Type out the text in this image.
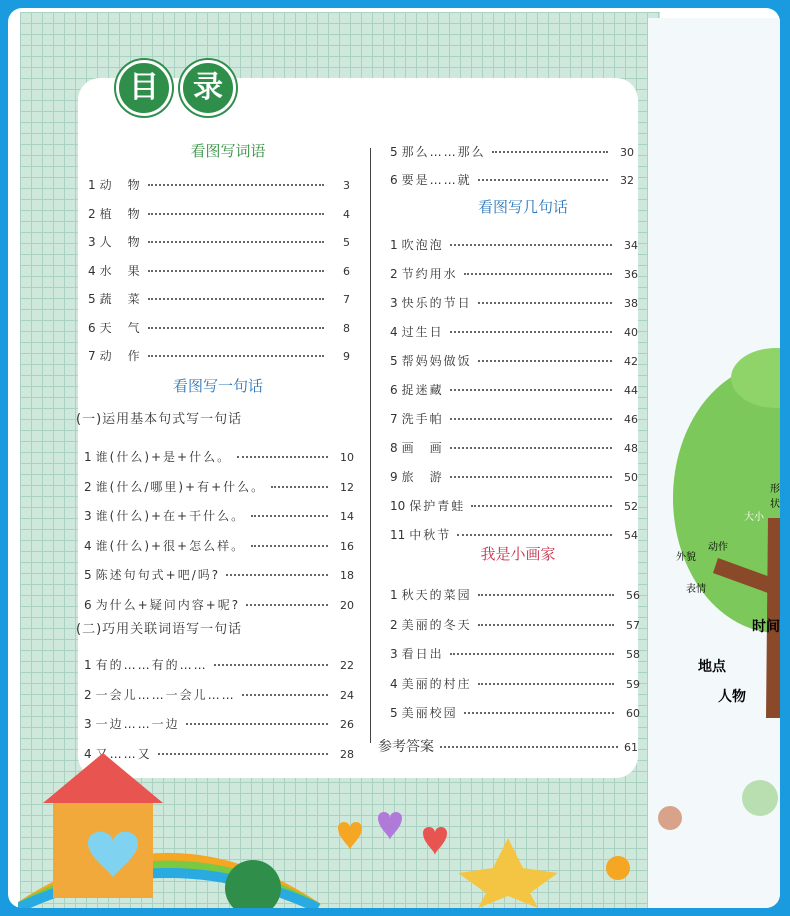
形状
大小
动作
外貌
表情
时间
地点
人物
目	录
看图写词语
1 动　物	3
2 植　物	4
3 人　物	5
4 水　果	6
5 蔬　菜	7
6 天　气	8
7 动　作	9
看图写一句话
(一)运用基本句式写一句话
1 谁(什么)+是+什么。	10
2 谁(什么/哪里)+有+什么。	12
3 谁(什么)+在+干什么。	14
4 谁(什么)+很+怎么样。	16
5 陈述句句式+吧/吗?	18
6 为什么+疑问内容+呢?	20
(二)巧用关联词语写一句话
1 有的……有的……	22
2 一会儿……一会儿……	24
3 一边……一边	26
4 又……又	28
5 那么……那么	30
6 要是……就	32
看图写几句话
1 吹泡泡	34
2 节约用水	36
3 快乐的节日	38
4 过生日	40
5 帮妈妈做饭	42
6 捉迷藏	44
7 洗手帕	46
8 画　画	48
9 旅　游	50
10 保护青蛙	52
11 中秋节	54
我是小画家
1 秋天的菜园	56
2 美丽的冬天	57
3 看日出	58
4 美丽的村庄	59
5 美丽校园	60
参考答案	61
